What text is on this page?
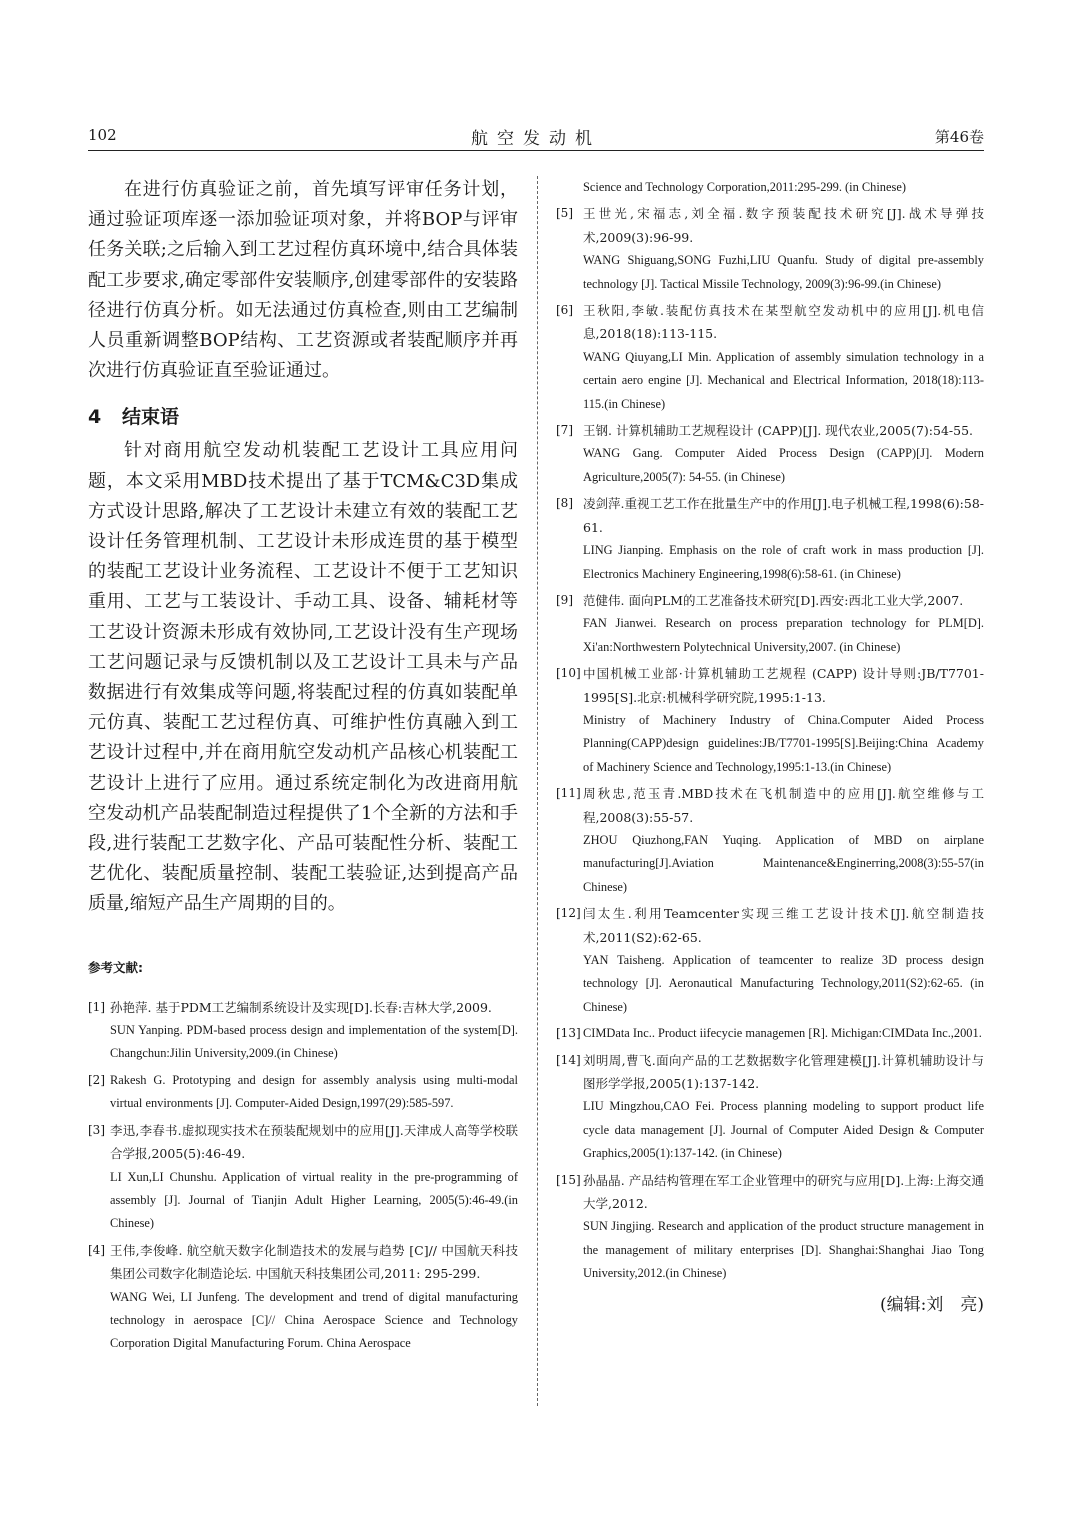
102	航空发动机	第46卷

在进行仿真验证之前，首先填写评审任务计划，通过验证项库逐一添加验证项对象，并将BOP与评审任务关联;之后输入到工艺过程仿真环境中,结合具体装配工步要求,确定零部件安装顺序,创建零部件的安装路径进行仿真分析。如无法通过仿真检查,则由工艺编制人员重新调整BOP结构、工艺资源或者装配顺序并再次进行仿真验证直至验证通过。

4 结束语

针对商用航空发动机装配工艺设计工具应用问题，本文采用MBD技术提出了基于TCM&C3D集成方式设计思路,解决了工艺设计未建立有效的装配工艺设计任务管理机制、工艺设计未形成连贯的基于模型的装配工艺设计业务流程、工艺设计不便于工艺知识重用、工艺与工装设计、手动工具、设备、辅耗材等工艺设计资源未形成有效协同,工艺设计没有生产现场工艺问题记录与反馈机制以及工艺设计工具未与产品数据进行有效集成等问题,将装配过程的仿真如装配单元仿真、装配工艺过程仿真、可维护性仿真融入到工艺设计过程中,并在商用航空发动机产品核心机装配工艺设计上进行了应用。通过系统定制化为改进商用航空发动机产品装配制造过程提供了1个全新的方法和手段,进行装配工艺数字化、产品可装配性分析、装配工艺优化、装配质量控制、装配工装验证,达到提高产品质量,缩短产品生产周期的目的。

参考文献:
[1] 孙艳萍. 基于PDM工艺编制系统设计及实现[D].长春:吉林大学,2009.
SUN Yanping. PDM-based process design and implementation of the system[D]. Changchun:Jilin University,2009.(in Chinese)
[2] Rakesh G. Prototyping and design for assembly analysis using multi-modal virtual environments [J]. Computer-Aided Design,1997(29):585-597.
[3] 李迅,李春书.虚拟现实技术在预装配规划中的应用[J].天津成人高等学校联合学报,2005(5):46-49.
LI Xun,LI Chunshu. Application of virtual reality in the pre-programming of assembly [J]. Journal of Tianjin Adult Higher Learning, 2005(5):46-49.(in Chinese)
[4] 王伟,李俊峰. 航空航天数字化制造技术的发展与趋势 [C]// 中国航天科技集团公司数字化制造论坛. 中国航天科技集团公司,2011: 295-299.
WANG Wei, LI Junfeng. The development and trend of digital manufacturing technology in aerospace [C]// China Aerospace Science and Technology Corporation Digital Manufacturing Forum. China Aerospace
Science and Technology Corporation,2011:295-299. (in Chinese)
[5] 王世光,宋福志,刘全福.数字预装配技术研究[J].战术导弹技术,2009(3):96-99.
WANG Shiguang,SONG Fuzhi,LIU Quanfu. Study of digital pre-assembly technology [J]. Tactical Missile Technology, 2009(3):96-99.(in Chinese)
[6] 王秋阳,李敏.装配仿真技术在某型航空发动机中的应用[J].机电信息,2018(18):113-115.
WANG Qiuyang,LI Min. Application of assembly simulation technology in a certain aero engine [J]. Mechanical and Electrical Information, 2018(18):113-115.(in Chinese)
[7] 王钢. 计算机辅助工艺规程设计 (CAPP)[J]. 现代农业,2005(7):54-55.
WANG Gang. Computer Aided Process Design (CAPP)[J]. Modern Agriculture,2005(7): 54-55. (in Chinese)
[8] 凌剑萍.重视工艺工作在批量生产中的作用[J].电子机械工程,1998(6):58-61.
LING Jianping. Emphasis on the role of craft work in mass production [J]. Electronics Machinery Engineering,1998(6):58-61. (in Chinese)
[9] 范健伟. 面向PLM的工艺准备技术研究[D].西安:西北工业大学,2007.
FAN Jianwei. Research on process preparation technology for PLM[D]. Xi'an:Northwestern Polytechnical University,2007. (in Chinese)
[10] 中国机械工业部·计算机辅助工艺规程 (CAPP) 设计导则:JB/T7701-1995[S].北京:机械科学研究院,1995:1-13.
Ministry of Machinery Industry of China.Computer Aided Process Planning(CAPP)design guidelines:JB/T7701-1995[S].Beijing:China Academy of Machinery Science and Technology,1995:1-13.(in Chinese)
[11] 周秋忠,范玉青.MBD技术在飞机制造中的应用[J].航空维修与工程,2008(3):55-57.
ZHOU Qiuzhong,FAN Yuqing. Application of MBD on airplane manufacturing[J].Aviation Maintenance&Enginerring,2008(3):55-57(in Chinese)
[12] 闫太生.利用Teamcenter实现三维工艺设计技术[J].航空制造技术,2011(S2):62-65.
YAN Taisheng. Application of teamcenter to realize 3D process design technology [J]. Aeronautical Manufacturing Technology,2011(S2):62-65. (in Chinese)
[13] CIMData Inc.. Product iifecycie managemen [R]. Michigan:CIMData Inc.,2001.
[14] 刘明周,曹飞.面向产品的工艺数据数字化管理建模[J].计算机辅助设计与图形学学报,2005(1):137-142.
LIU Mingzhou,CAO Fei. Process planning modeling to support product life cycle data management [J]. Journal of Computer Aided Design & Computer Graphics,2005(1):137-142. (in Chinese)
[15] 孙晶晶. 产品结构管理在军工企业管理中的研究与应用[D].上海:上海交通大学,2012.
SUN Jingjing. Research and application of the product structure management in the management of military enterprises [D]. Shanghai:Shanghai Jiao Tong University,2012.(in Chinese)
(编辑:刘　亮)
